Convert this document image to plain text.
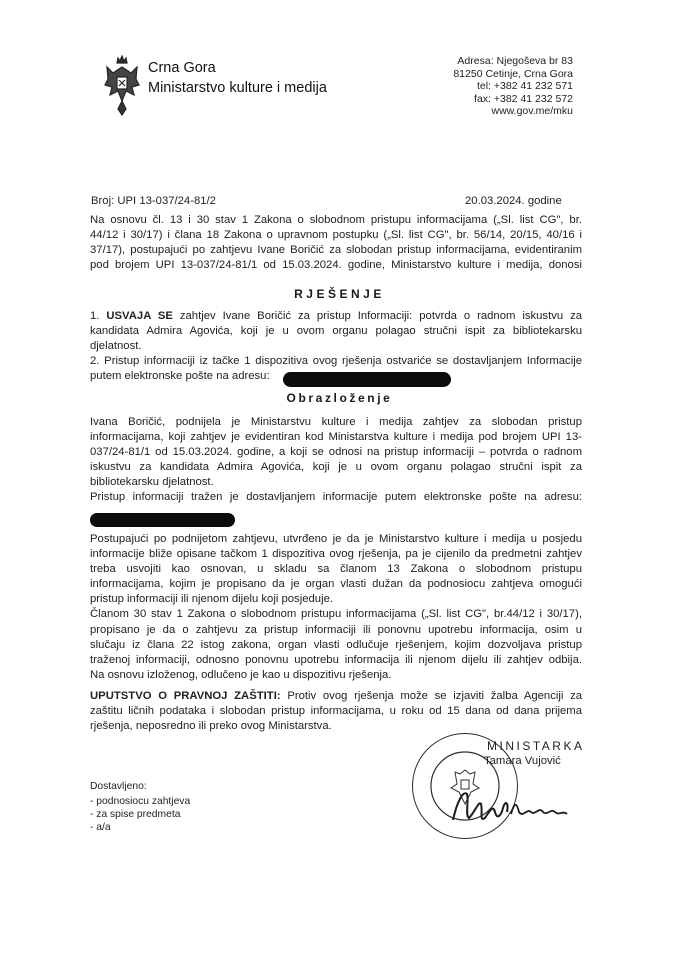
Crna Gora
Ministarstvo kulture i medija
Adresa: Njegoševa br 83
81250 Cetinje, Crna Gora
tel: +382 41 232 571
fax: +382 41 232 572
www.gov.me/mku
Broj: UPI 13-037/24-81/2	20.03.2024. godine
Na osnovu čl. 13 i 30 stav 1 Zakona o slobodnom pristupu informacijama („Sl. list CG", br.
44/12 i 30/17) i člana 18 Zakona o upravnom postupku („Sl. list CG", br. 56/14, 20/15, 40/16 i
37/17), postupajući po zahtjevu Ivane Boričić za slobodan pristup informacijama, evidentiranim
pod brojem UPI 13-037/24-81/1 od 15.03.2024. godine, Ministarstvo kulture i medija, donosi
RJEŠENJE
1. USVAJA SE zahtjev Ivane Boričić za pristup Informaciji: potvrda o radnom iskustvu za
kandidata Admira Agovića, koji je u ovom organu polagao stručni ispit za bibliotekarsku
djelatnost.
2. Pristup informaciji iz tačke 1 dispozitiva ovog rješenja ostvariće se dostavljanjem Informacije
putem elektronske pošte na adresu:
Obrazloženje
Ivana Boričić, podnijela je Ministarstvu kulture i medija zahtjev za slobodan pristup
informacijama, koji zahtjev je evidentiran kod Ministarstva kulture i medija pod brojem UPI 13-
037/24-81/1 od 15.03.2024. godine, a koji se odnosi na pristup informaciji – potvrda o radnom
iskustvu za kandidata Admira Agovića, koji je u ovom organu polagao stručni ispit za
bibliotekarsku djelatnost.
Pristup informaciji tražen je dostavljanjem informacije putem elektronske pošte na adresu:
Postupajući po podnijetom zahtjevu, utvrđeno je da je Ministarstvo kulture i medija u posjedu
informacije bliže opisane tačkom 1 dispozitiva ovog rješenja, pa je cijenilo da predmetni zahtjev
treba usvojiti kao osnovan, u skladu sa članom 13 Zakona o slobodnom pristupu
informacijama, kojim je propisano da je organ vlasti dužan da podnosiocu zahtjeva omogući
pristup informaciji ili njenom dijelu koji posjeduje.
Članom 30 stav 1 Zakona o slobodnom pristupu informacijama („Sl. list CG", br.44/12 i 30/17),
propisano je da o zahtjevu za pristup informaciji ili ponovnu upotrebu informacija, osim u
slučaju iz člana 22 istog zakona, organ vlasti odlučuje rješenjem, kojim dozvoljava pristup
traženoj informaciji, odnosno ponovnu upotrebu informacija ili njenom dijelu ili zahtjev odbija.
Na osnovu izloženog, odlučeno je kao u dispozitivu rješenja.
UPUTSTVO O PRAVNOJ ZAŠTITI: Protiv ovog rješenja može se izjaviti žalba Agenciji za
zaštitu ličnih podataka i slobodan pristup informacijama, u roku od 15 dana od dana prijema
rješenja, neposredno ili preko ovog Ministarstva.
MINISTARKA
Tamara Vujović
Dostavljeno:
- podnosiocu zahtjeva
- za spise predmeta
- a/a
